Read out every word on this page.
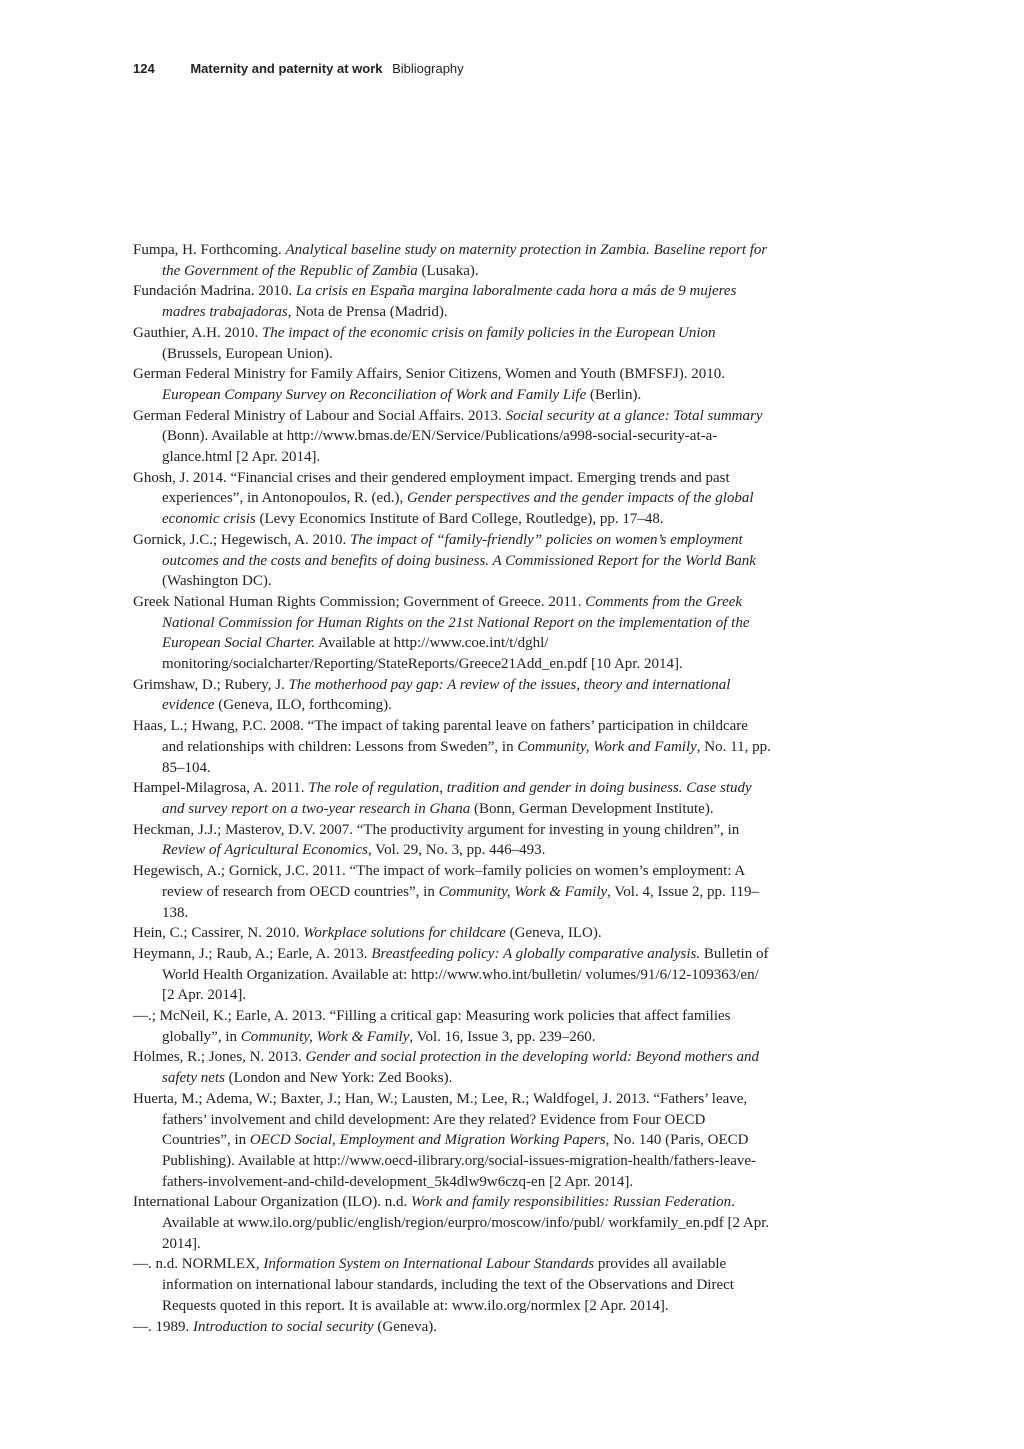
124	Maternity and paternity at work Bibliography

Fumpa, H. Forthcoming. Analytical baseline study on maternity protection in Zambia. Baseline report for the Government of the Republic of Zambia (Lusaka).

Fundación Madrina. 2010. La crisis en España margina laboralmente cada hora a más de 9 mujeres madres trabajadoras, Nota de Prensa (Madrid).

Gauthier, A.H. 2010. The impact of the economic crisis on family policies in the European Union (Brussels, European Union).

German Federal Ministry for Family Affairs, Senior Citizens, Women and Youth (BMFSFJ). 2010. European Company Survey on Reconciliation of Work and Family Life (Berlin).

German Federal Ministry of Labour and Social Affairs. 2013. Social security at a glance: Total summary (Bonn). Available at http://www.bmas.de/EN/Service/Publications/a998-social-security-at-a-glance.html [2 Apr. 2014].

Ghosh, J. 2014. “Financial crises and their gendered employment impact. Emerging trends and past experiences”, in Antonopoulos, R. (ed.), Gender perspectives and the gender impacts of the global economic crisis (Levy Economics Institute of Bard College, Routledge), pp. 17–48.

Gornick, J.C.; Hegewisch, A. 2010. The impact of “family-friendly” policies on women’s employment outcomes and the costs and benefits of doing business. A Commissioned Report for the World Bank (Washington DC).

Greek National Human Rights Commission; Government of Greece. 2011. Comments from the Greek National Commission for Human Rights on the 21st National Report on the implementation of the European Social Charter. Available at http://www.coe.int/t/dghl/ monitoring/socialcharter/Reporting/StateReports/Greece21Add_en.pdf [10 Apr. 2014].

Grimshaw, D.; Rubery, J. The motherhood pay gap: A review of the issues, theory and international evidence (Geneva, ILO, forthcoming).

Haas, L.; Hwang, P.C. 2008. “The impact of taking parental leave on fathers’ participation in childcare and relationships with children: Lessons from Sweden”, in Community, Work and Family, No. 11, pp. 85–104.

Hampel-Milagrosa, A. 2011. The role of regulation, tradition and gender in doing business. Case study and survey report on a two-year research in Ghana (Bonn, German Development Institute).

Heckman, J.J.; Masterov, D.V. 2007. “The productivity argument for investing in young children”, in Review of Agricultural Economics, Vol. 29, No. 3, pp. 446–493.

Hegewisch, A.; Gornick, J.C. 2011. “The impact of work–family policies on women’s employment: A review of research from OECD countries”, in Community, Work & Family, Vol. 4, Issue 2, pp. 119–138.

Hein, C.; Cassirer, N. 2010. Workplace solutions for childcare (Geneva, ILO).

Heymann, J.; Raub, A.; Earle, A. 2013. Breastfeeding policy: A globally comparative analysis. Bulletin of World Health Organization. Available at: http://www.who.int/bulletin/ volumes/91/6/12-109363/en/ [2 Apr. 2014].

—.; McNeil, K.; Earle, A. 2013. “Filling a critical gap: Measuring work policies that affect families globally”, in Community, Work & Family, Vol. 16, Issue 3, pp. 239–260.

Holmes, R.; Jones, N. 2013. Gender and social protection in the developing world: Beyond mothers and safety nets (London and New York: Zed Books).

Huerta, M.; Adema, W.; Baxter, J.; Han, W.; Lausten, M.; Lee, R.; Waldfogel, J. 2013. “Fathers’ leave, fathers’ involvement and child development: Are they related? Evidence from Four OECD Countries”, in OECD Social, Employment and Migration Working Papers, No. 140 (Paris, OECD Publishing). Available at http://www.oecd-ilibrary.org/social-issues-migration-health/fathers-leave-fathers-involvement-and-child-development_5k4dlw9w6czq-en [2 Apr. 2014].

International Labour Organization (ILO). n.d. Work and family responsibilities: Russian Federation. Available at www.ilo.org/public/english/region/eurpro/moscow/info/publ/ workfamily_en.pdf [2 Apr. 2014].

—. n.d. NORMLEX, Information System on International Labour Standards provides all available information on international labour standards, including the text of the Observations and Direct Requests quoted in this report. It is available at: www.ilo.org/normlex [2 Apr. 2014].

—. 1989. Introduction to social security (Geneva).
